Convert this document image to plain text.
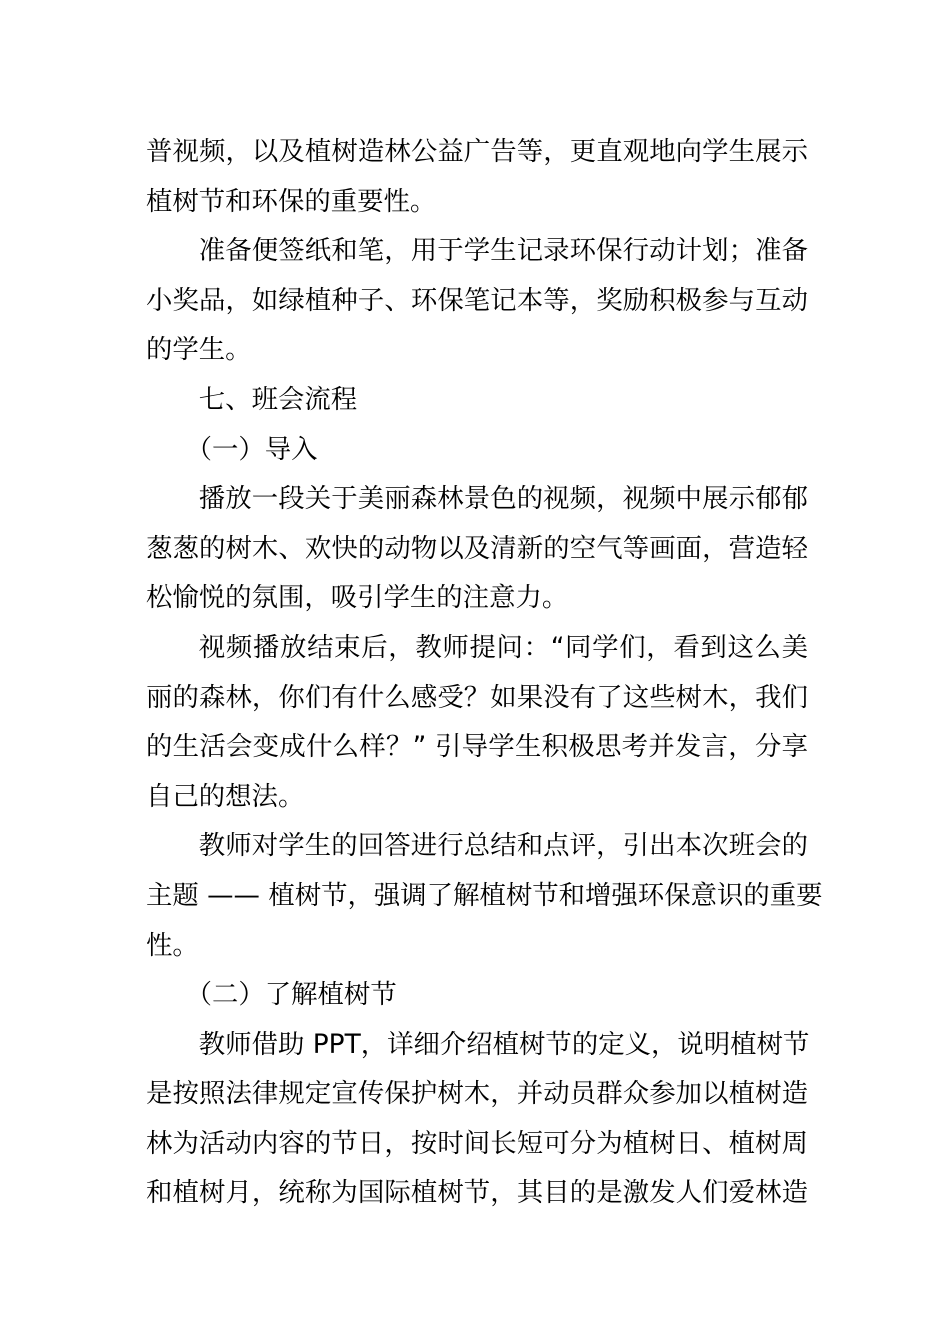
普视频，以及植树造林公益广告等，更直观地向学生展示
植树节和环保的重要性。

准备便签纸和笔，用于学生记录环保行动计划；准备
小奖品，如绿植种子、环保笔记本等，奖励积极参与互动
的学生。

七、班会流程

（一）导入

播放一段关于美丽森林景色的视频，视频中展示郁郁
葱葱的树木、欢快的动物以及清新的空气等画面，营造轻
松愉悦的氛围，吸引学生的注意力。

视频播放结束后，教师提问：“同学们，看到这么美
丽的森林，你们有什么感受？如果没有了这些树木，我们
的生活会变成什么样？” 引导学生积极思考并发言，分享
自己的想法。

教师对学生的回答进行总结和点评，引出本次班会的
主题 —— 植树节，强调了解植树节和增强环保意识的重要
性。

（二）了解植树节

教师借助 PPT，详细介绍植树节的定义，说明植树节
是按照法律规定宣传保护树木，并动员群众参加以植树造
林为活动内容的节日，按时间长短可分为植树日、植树周
和植树月，统称为国际植树节，其目的是激发人们爱林造
